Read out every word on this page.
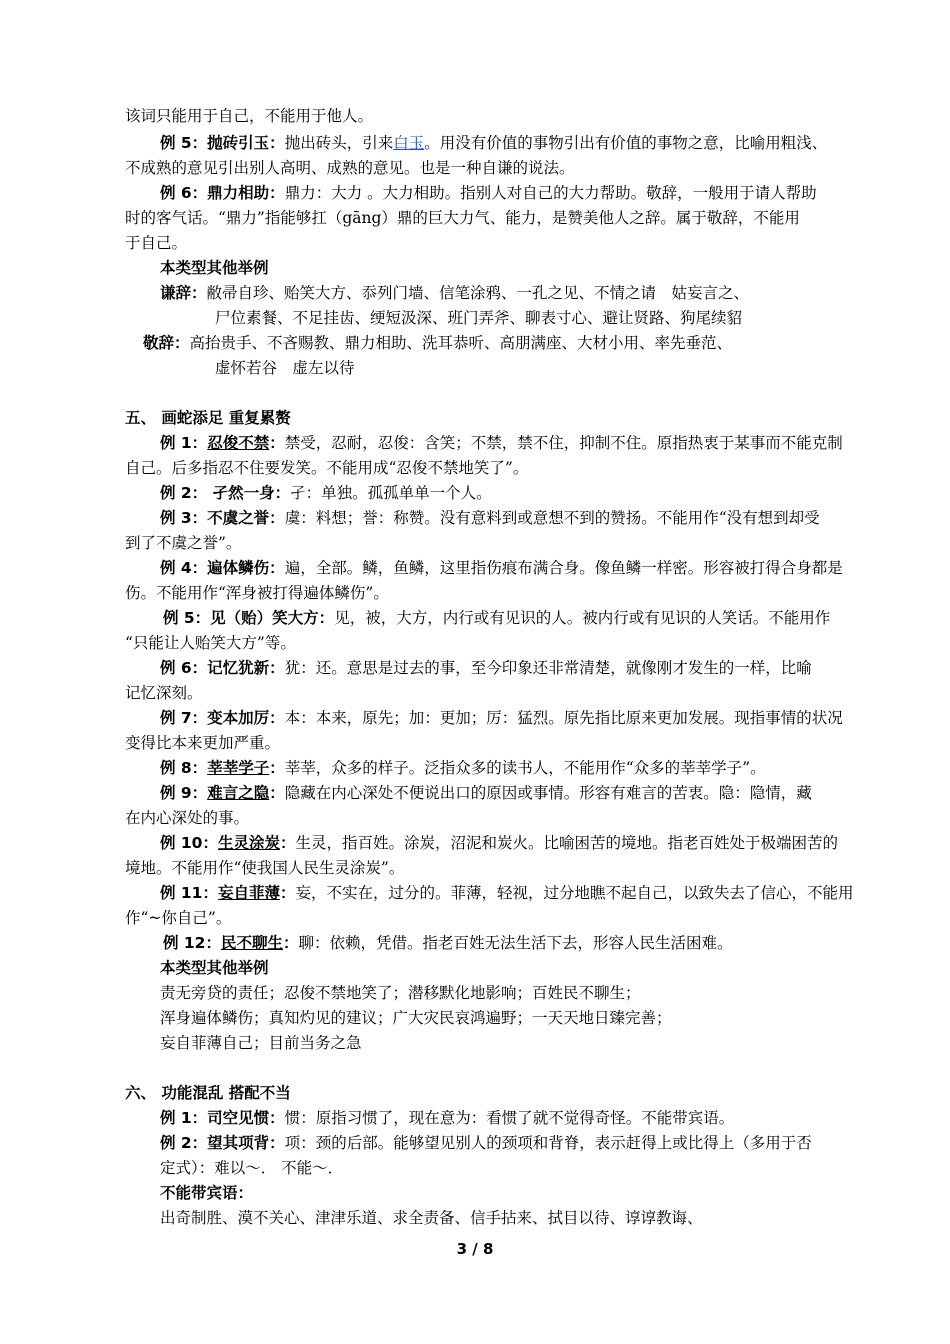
该词只能用于自己，不能用于他人。
例 5：抛砖引玉：抛出砖头，引来白玉。用没有价值的事物引出有价值的事物之意，比喻用粗浅、
不成熟的意见引出别人高明、成熟的意见。也是一种自谦的说法。
例 6：鼎力相助：鼎力：大力 。大力相助。指别人对自己的大力帮助。敬辞，一般用于请人帮助
时的客气话。“鼎力”指能够扛（gāng）鼎的巨大力气、能力，是赞美他人之辞。属于敬辞，不能用
于自己。
本类型其他举例
谦辞：敝帚自珍、贻笑大方、忝列门墙、信笔涂鸦、一孔之见、不情之请　姑妄言之、
尸位素餐、不足挂齿、绠短汲深、班门弄斧、聊表寸心、避让贤路、狗尾续貂
敬辞：高抬贵手、不吝赐教、鼎力相助、洗耳恭听、高朋满座、大材小用、率先垂范、
虚怀若谷　虚左以待
五、 画蛇添足 重复累赘
例 1：忍俊不禁：禁受，忍耐，忍俊：含笑；不禁，禁不住，抑制不住。原指热衷于某事而不能克制
自己。后多指忍不住要发笑。不能用成“忍俊不禁地笑了”。
例 2： 孑然一身：孑：单独。孤孤单单一个人。
例 3：不虞之誉：虞：料想；誉：称赞。没有意料到或意想不到的赞扬。不能用作“没有想到却受
到了不虞之誉”。
例 4：遍体鳞伤：遍，全部。鳞，鱼鳞，这里指伤痕布满合身。像鱼鳞一样密。形容被打得合身都是
伤。不能用作“浑身被打得遍体鳞伤”。
例 5：见（贻）笑大方：见，被，大方，内行或有见识的人。被内行或有见识的人笑话。不能用作
“只能让人贻笑大方”等。
例 6：记忆犹新：犹：还。意思是过去的事，至今印象还非常清楚，就像刚才发生的一样，比喻
记忆深刻。
例 7：变本加厉：本：本来，原先；加：更加；厉：猛烈。原先指比原来更加发展。现指事情的状况
变得比本来更加严重。
例 8：莘莘学子：莘莘，众多的样子。泛指众多的读书人，不能用作“众多的莘莘学子”。
例 9：难言之隐：隐藏在内心深处不便说出口的原因或事情。形容有难言的苦衷。隐：隐情，藏
在内心深处的事。
例 10：生灵涂炭：生灵，指百姓。涂炭，沼泥和炭火。比喻困苦的境地。指老百姓处于极端困苦的
境地。不能用作“使我国人民生灵涂炭”。
例 11：妄自菲薄：妄，不实在，过分的。菲薄，轻视，过分地瞧不起自己，以致失去了信心，不能用
作“~你自己”。
例 12：民不聊生：聊：依赖，凭借。指老百姓无法生活下去，形容人民生活困难。
本类型其他举例
责无旁贷的责任；忍俊不禁地笑了；潜移默化地影响；百姓民不聊生；
浑身遍体鳞伤；真知灼见的建议；广大灾民哀鸿遍野；一天天地日臻完善；
妄自菲薄自己；目前当务之急
六、 功能混乱 搭配不当
例 1：司空见惯：惯：原指习惯了，现在意为：看惯了就不觉得奇怪。不能带宾语。
例 2：望其项背：项：颈的后部。能够望见别人的颈项和背脊，表示赶得上或比得上（多用于否
定式）：难以～． 不能～．
不能带宾语：
出奇制胜、漠不关心、津津乐道、求全责备、信手拈来、拭目以待、谆谆教诲、
3 / 8
